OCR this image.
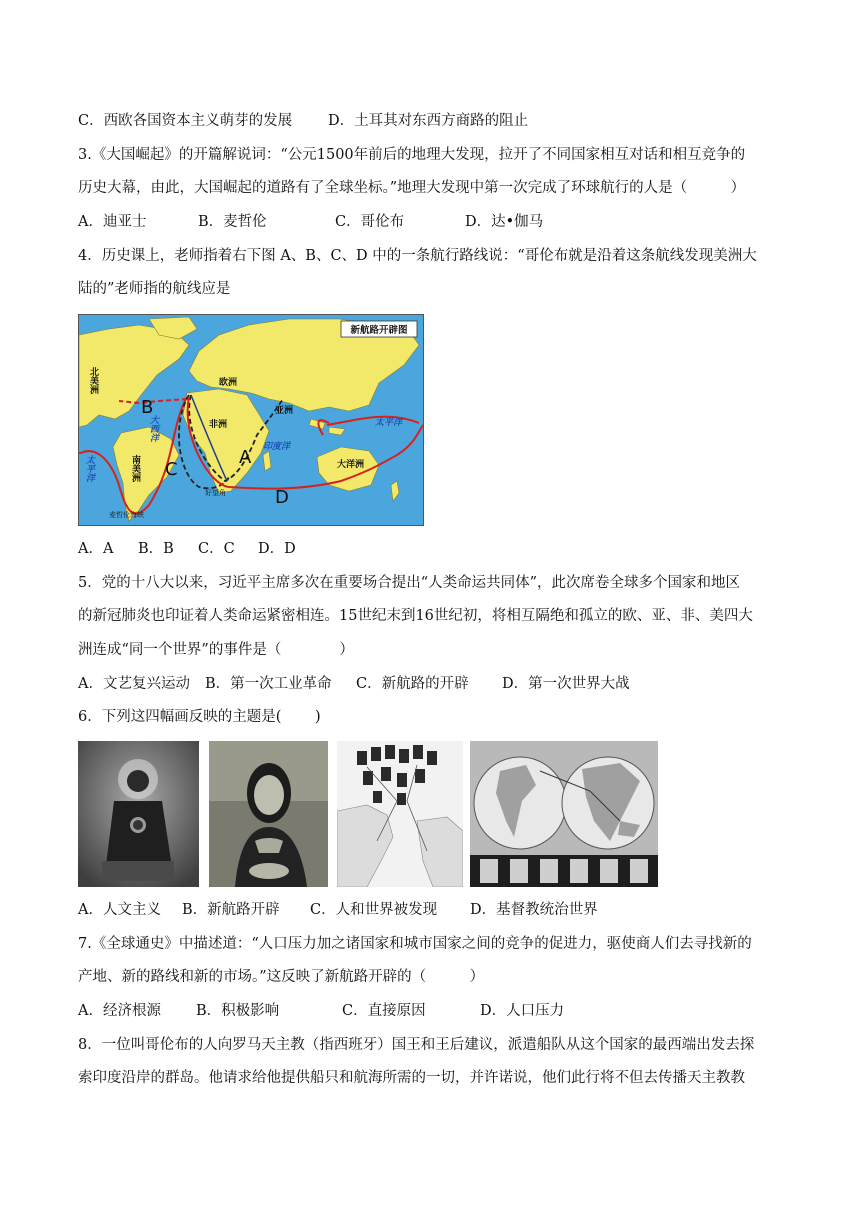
C．西欧各国资本主义萌芽的发展 D．土耳其对东西方商路的阻止
3.《大国崛起》的开篇解说词：“公元1500年前后的地理大发现，拉开了不同国家相互对话和相互竞争的
历史大幕，由此，大国崛起的道路有了全球坐标。”地理大发现中第一次完成了环球航行的人是（　　　）
A．迪亚士	B．麦哲伦	C．哥伦布	D．达•伽马
4．历史课上，老师指着右下图 A、B、C、D 中的一条航行路线说：“哥伦布就是沿着这条航线发现美洲大
陆的”老师指的航线应是
新航路开辟图
北美洲
南美洲
欧洲
非洲
亚洲
大洋洲
大西洋
太平洋
印度洋
太平洋
麦哲伦海峡
好望角
A
B
C
D
A．A B．B C．C D．D
5．党的十八大以来，习近平主席多次在重要场合提出“人类命运共同体”，此次席卷全球多个国家和地区
的新冠肺炎也印证着人类命运紧密相连。15世纪末到16世纪初，将相互隔绝和孤立的欧、亚、非、美四大
洲连成“同一个世界”的事件是（　　　　）
A．文艺复兴运动 B．第一次工业革命 C．新航路的开辟 D．第一次世界大战
6．下列这四幅画反映的主题是(　　 )
A．人文主义 B．新航路开辟 C．人和世界被发现 D．基督教统治世界
7.《全球通史》中描述道：“人口压力加之诸国家和城市国家之间的竞争的促进力，驱使商人们去寻找新的
产地、新的路线和新的市场。”这反映了新航路开辟的（　　　）
A．经济根源 B．积极影响	C．直接原因	D．人口压力
8．一位叫哥伦布的人向罗马天主教（指西班牙）国王和王后建议，派遣船队从这个国家的最西端出发去探
索印度沿岸的群岛。他请求给他提供船只和航海所需的一切，并许诺说，他们此行将不但去传播天主教教
